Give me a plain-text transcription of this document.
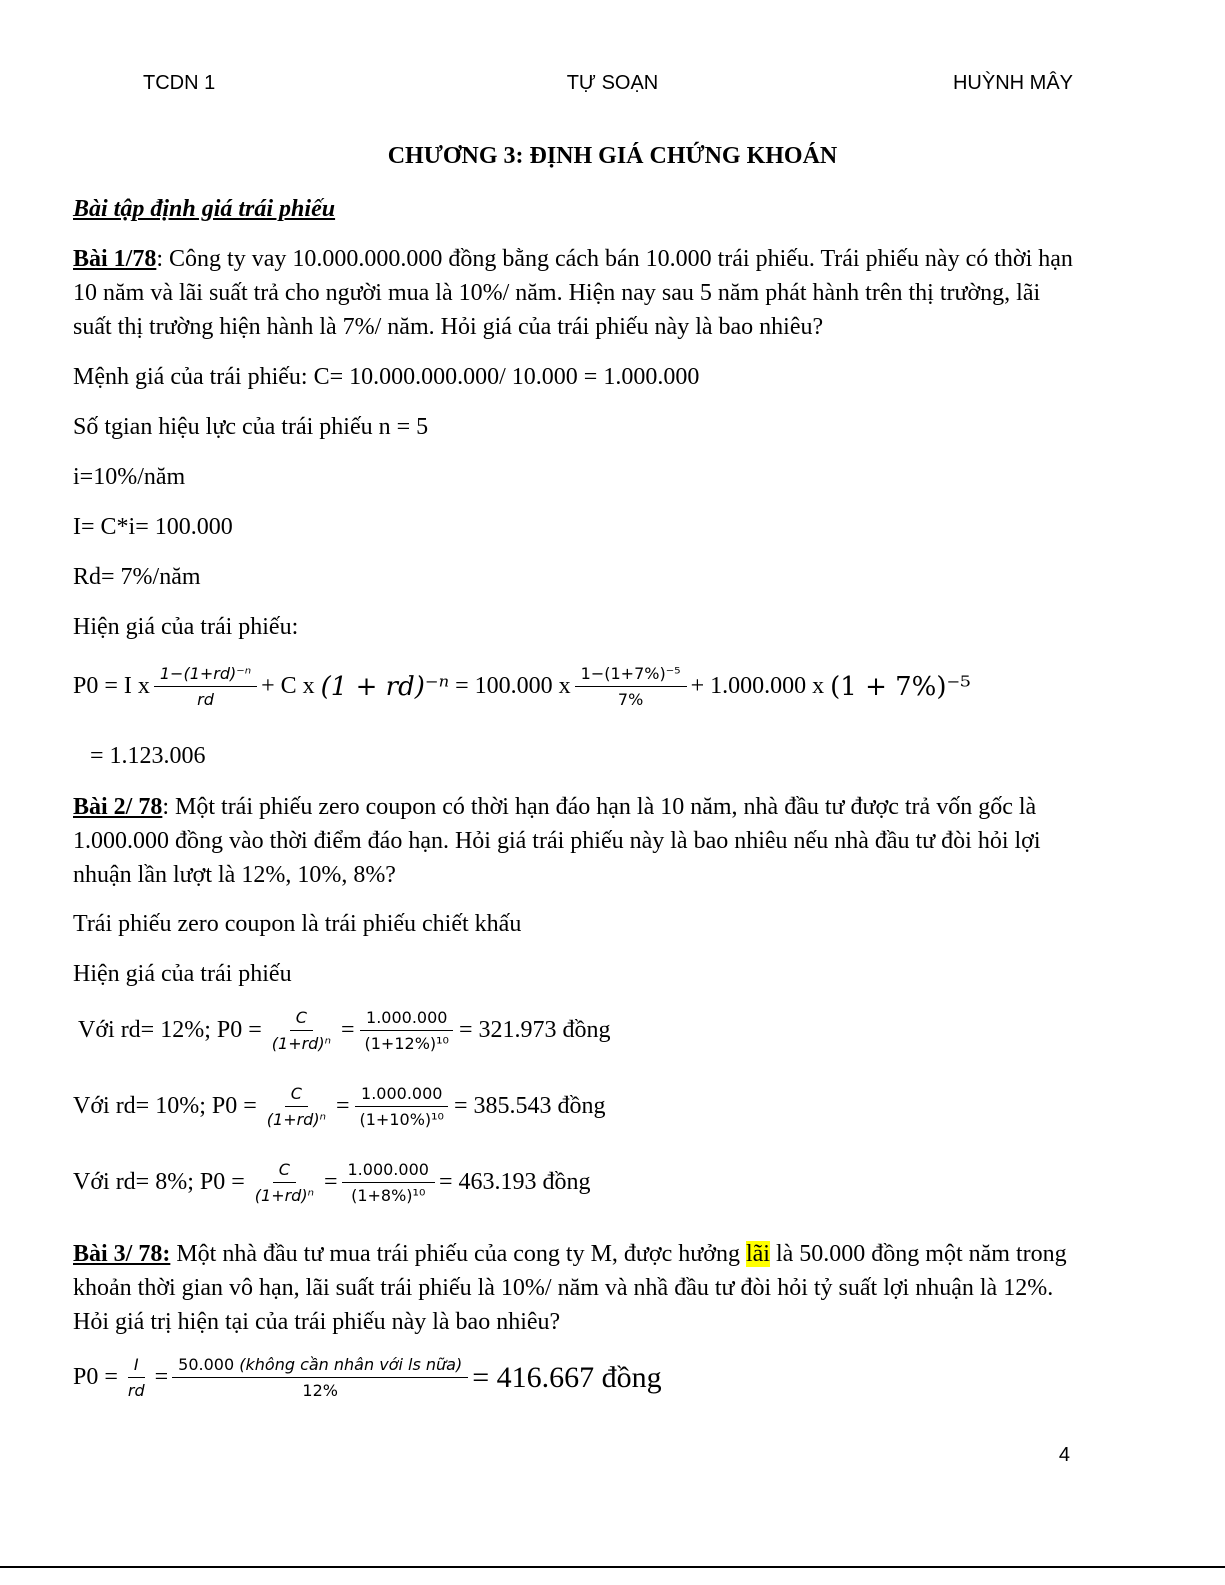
TCDN 1	TỰ SOẠN	HUỲNH MÂY
CHƯƠNG 3: ĐỊNH GIÁ CHỨNG KHOÁN
Bài tập định giá trái phiếu
Bài 1/78: Công ty vay 10.000.000.000 đồng bằng cách bán 10.000 trái phiếu. Trái phiếu này có thời hạn 10 năm và lãi suất trả cho người mua là 10%/ năm. Hiện nay sau 5 năm phát hành trên thị trường, lãi suất thị trường hiện hành là 7%/ năm. Hỏi giá của trái phiếu này là bao nhiêu?
Mệnh giá của trái phiếu: C= 10.000.000.000/ 10.000 = 1.000.000
Số tgian hiệu lực của trái phiếu n = 5
i=10%/năm
I= C*i= 100.000
Rd= 7%/năm
Hiện giá của trái phiếu:
P0 = I x $\frac{\text{1−(1+rd)⁻ⁿ}}{rd} + C$ x (1 + rd)⁻ⁿ = 100.000 x $\frac{\text{1−(1+7\%)⁻⁵}}{7\%} + 1.000.000$ x (1 + 7%)⁻⁵
= 1.123.006
Bài 2/ 78: Một trái phiếu zero coupon có thời hạn đáo hạn là 10 năm, nhà đầu tư được trả vốn gốc là 1.000.000 đồng vào thời điểm đáo hạn. Hỏi giá trái phiếu này là bao nhiêu nếu nhà đầu tư đòi hỏi lợi nhuận lần lượt là 12%, 10%, 8%?
Trái phiếu zero coupon là trái phiếu chiết khấu
Hiện giá của trái phiếu
Với rd= 12%; $P0 = \frac{C}{\text{(1+rd)ⁿ}} = \frac{1.000.000}{\text{(1+12\%)¹⁰}} = 321.973$ đồng
Với rd= 10%; $P0 = \frac{C}{\text{(1+rd)ⁿ}} = \frac{1.000.000}{\text{(1+10\%)¹⁰}} = 385.543$ đồng
Với rd= 8%; $P0 = \frac{C}{\text{(1+rd)ⁿ}} = \frac{1.000.000}{\text{(1+8\%)¹⁰}} = 463.193$ đồng
Bài 3/ 78: Một nhà đầu tư mua trái phiếu của cong ty M, được hưởng lãi là 50.000 đồng một năm trong khoản thời gian vô hạn, lãi suất trái phiếu là 10%/ năm và nhầ đầu tư đòi hỏi tỷ suất lợi nhuận là 12%. Hỏi giá trị hiện tại của trái phiếu này là bao nhiêu?
$P0 = \frac{I}{rd} = \frac{\text{50.000 (không cần nhân với ls nữa)}}{12\%} = 416.667$ đồng
4
